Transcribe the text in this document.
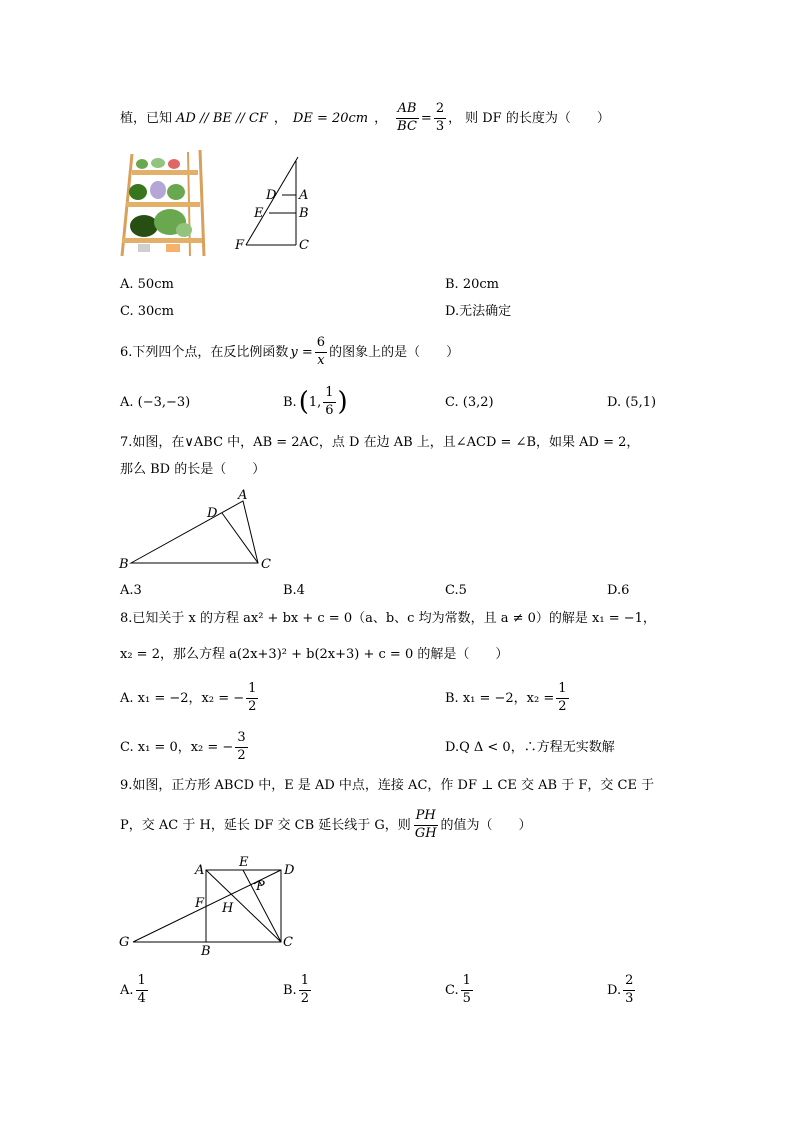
植，已知 AD // BE // CF ， DE = 20cm ， $\frac{AB}{BC} = \frac{2}{3}$ ， 则 DF 的长度为（　　）
D A
E	B
F	C
A. 50cm	B. 20cm
C. 30cm	D.无法确定
6.下列四个点，在反比例函数 $y = \frac{6}{x}$ 的图象上的是（　　）
A. (−3,−3)	B. ( 1, $\frac{1}{6}$ )	C. (3,2)	D. (5,1)
7.如图，在∨ABC 中，AB = 2AC，点 D 在边 AB 上，且∠ACD = ∠B，如果 AD = 2，
那么 BD 的长是（　　）
A
D
B	C
A.3	B.4	C.5	D.6
8.已知关于 x 的方程 ax² + bx + c = 0（a、b、c 均为常数，且 a ≠ 0）的解是 x₁ = −1，
x₂ = 2，那么方程 a(2x+3)² + b(2x+3) + c = 0 的解是（　　）
A. x₁ = −2，x₂ = − $\frac{1}{2}$	B. x₁ = −2，$x_2 = \frac{1}{2}$
C. x₁ = 0，x₂ = − $\frac{3}{2}$	D.Q Δ < 0，∴方程无实数解
9.如图，正方形 ABCD 中，E 是 AD 中点，连接 AC，作 DF ⊥ CE 交 AB 于 F，交 CE 于
P，交 AC 于 H，延长 DF 交 CB 延长线于 G，则 $\frac{PH}{GH}$ 的值为（　　）
A
E
D
P
F H
G
B
C
A. $\frac{1}{4}$	B. $\frac{1}{2}$	C. $\frac{1}{5}$	D. $\frac{2}{3}$
